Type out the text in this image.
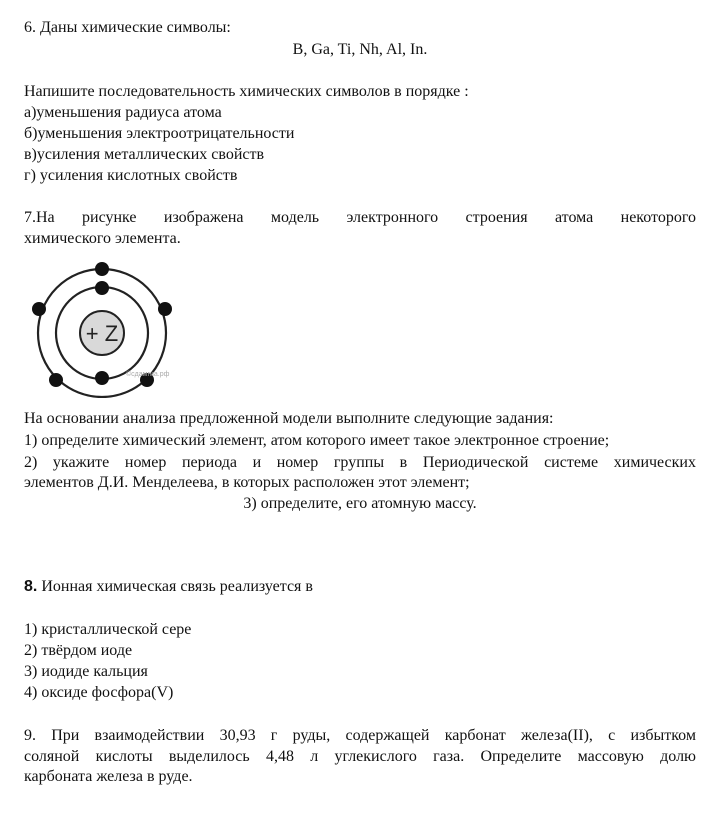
6. Даны химические символы:
B, Ga, Ti, Nh, Al, In.
Напишите последовательность химических символов в порядке :
а)уменьшения радиуса атома
б)уменьшения электроотрицательности
в)усиления металлических свойств
г) усиления кислотных свойств
7.На рисунке изображена модель электронного строения атома некоторого
химического элемента.
+ Z
©сдамгиа.рф
На основании анализа предложенной модели выполните следующие задания:
1) определите химический элемент, атом которого имеет такое электронное строение;
2) укажите номер периода и номер группы в Периодической системе химических
элементов Д.И. Менделеева, в которых расположен этот элемент;
3) определите, его атомную массу.
8. Ионная химическая связь реализуется в
1) кристаллической сере
2) твёрдом иоде
3) иодиде кальция
4) оксиде фосфора(V)
9. При взаимодействии 30,93 г руды, содержащей карбонат железа(II), с избытком
соляной кислоты выделилось 4,48 л углекислого газа. Определите массовую долю
карбоната железа в руде.
